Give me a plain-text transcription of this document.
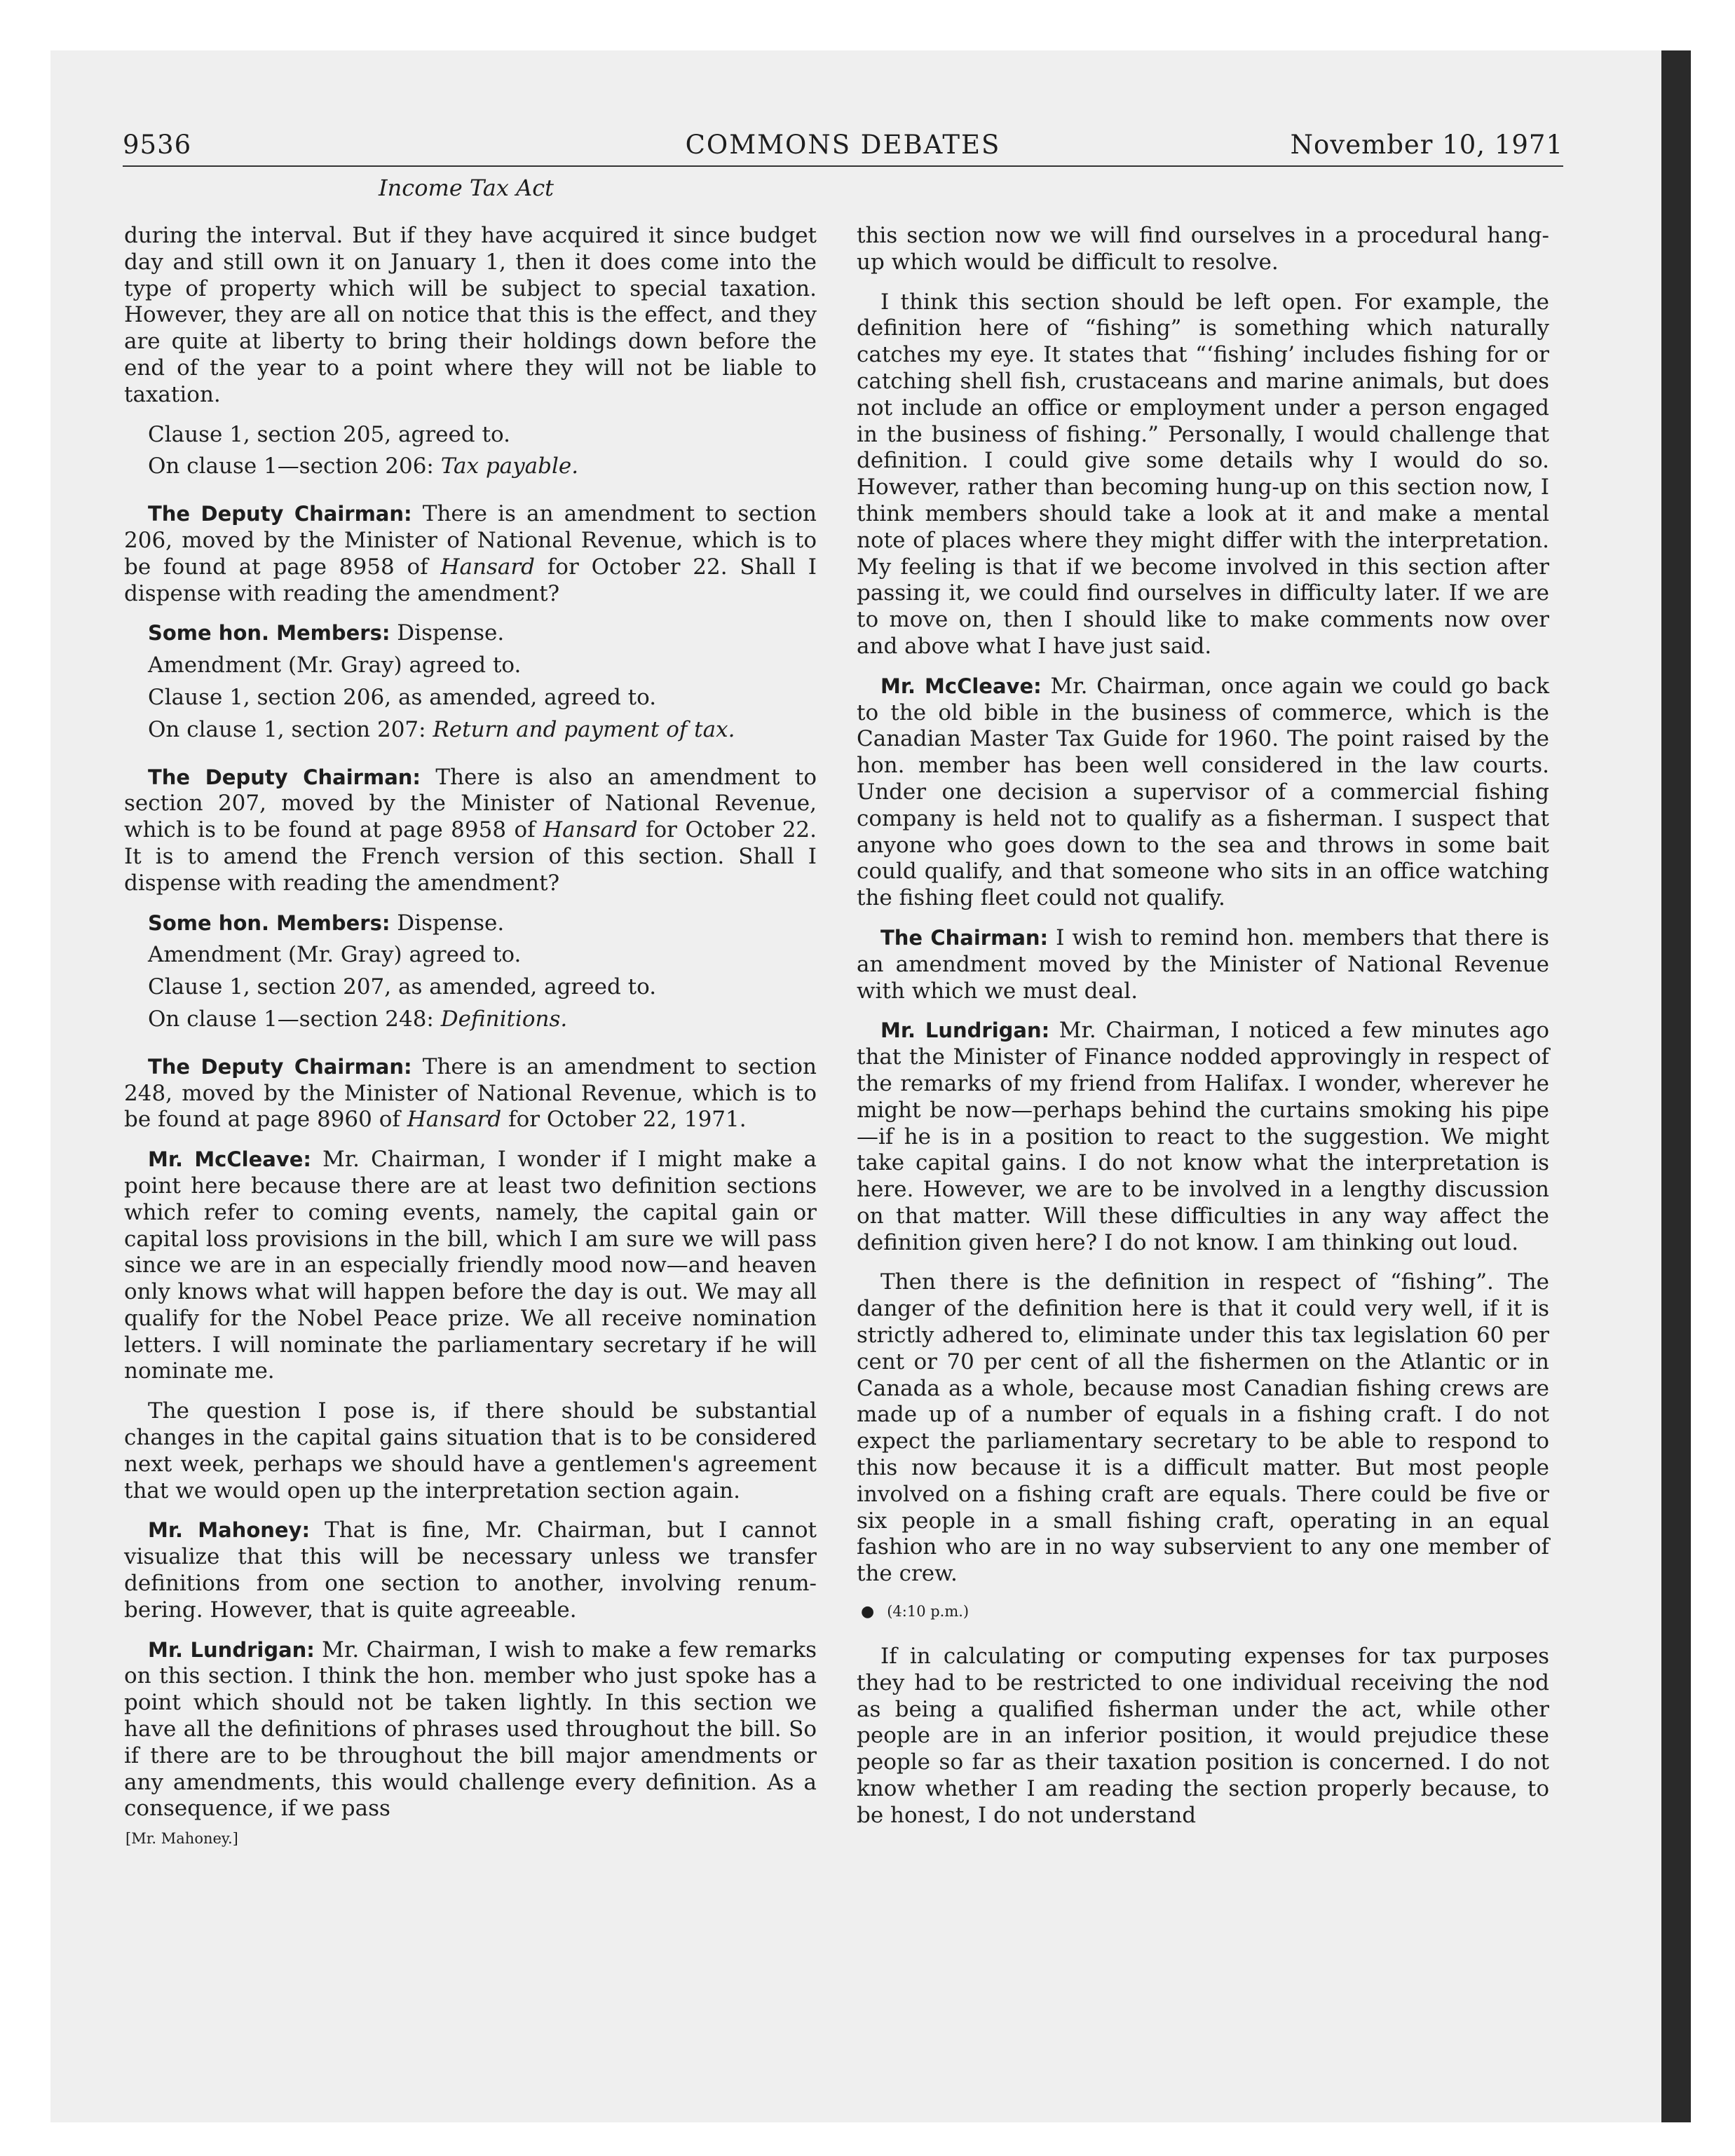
9536	COMMONS DEBATES	November 10, 1971
Income Tax Act

during the interval. But if they have acquired it since budget day and still own it on January 1, then it does come into the type of property which will be subject to special taxation. However, they are all on notice that this is the effect, and they are quite at liberty to bring their holdings down before the end of the year to a point where they will not be liable to taxation.

Clause 1, section 205, agreed to.

On clause 1—section 206: Tax payable.

The Deputy Chairman: There is an amendment to section 206, moved by the Minister of National Revenue, which is to be found at page 8958 of Hansard for October 22. Shall I dispense with reading the amendment?

Some hon. Members: Dispense.

Amendment (Mr. Gray) agreed to.

Clause 1, section 206, as amended, agreed to.

On clause 1, section 207: Return and payment of tax.

The Deputy Chairman: There is also an amendment to section 207, moved by the Minister of National Revenue, which is to be found at page 8958 of Hansard for October 22. It is to amend the French version of this section. Shall I dispense with reading the amendment?

Some hon. Members: Dispense.

Amendment (Mr. Gray) agreed to.

Clause 1, section 207, as amended, agreed to.

On clause 1—section 248: Definitions.

The Deputy Chairman: There is an amendment to section 248, moved by the Minister of National Revenue, which is to be found at page 8960 of Hansard for October 22, 1971.

Mr. McCleave: Mr. Chairman, I wonder if I might make a point here because there are at least two definition sections which refer to coming events, namely, the capital gain or capital loss provisions in the bill, which I am sure we will pass since we are in an especially friendly mood now—and heaven only knows what will happen before the day is out. We may all qualify for the Nobel Peace prize. We all receive nomination letters. I will nominate the parliamentary secretary if he will nominate me.

The question I pose is, if there should be substantial changes in the capital gains situation that is to be considered next week, perhaps we should have a gentlemen's agreement that we would open up the interpretation section again.

Mr. Mahoney: That is fine, Mr. Chairman, but I cannot visualize that this will be necessary unless we transfer definitions from one section to another, involving renumbering. However, that is quite agreeable.

Mr. Lundrigan: Mr. Chairman, I wish to make a few remarks on this section. I think the hon. member who just spoke has a point which should not be taken lightly. In this section we have all the definitions of phrases used throughout the bill. So if there are to be throughout the bill major amendments or any amendments, this would challenge every definition. As a consequence, if we pass

[Mr. Mahoney.]

this section now we will find ourselves in a procedural hang-up which would be difficult to resolve.

I think this section should be left open. For example, the definition here of “fishing” is something which naturally catches my eye. It states that “‘fishing’ includes fishing for or catching shell fish, crustaceans and marine animals, but does not include an office or employment under a person engaged in the business of fishing.” Personally, I would challenge that definition. I could give some details why I would do so. However, rather than becoming hung-up on this section now, I think members should take a look at it and make a mental note of places where they might differ with the interpretation. My feeling is that if we become involved in this section after passing it, we could find ourselves in difficulty later. If we are to move on, then I should like to make comments now over and above what I have just said.

Mr. McCleave: Mr. Chairman, once again we could go back to the old bible in the business of commerce, which is the Canadian Master Tax Guide for 1960. The point raised by the hon. member has been well considered in the law courts. Under one decision a supervisor of a commercial fishing company is held not to qualify as a fisherman. I suspect that anyone who goes down to the sea and throws in some bait could qualify, and that someone who sits in an office watching the fishing fleet could not qualify.

The Chairman: I wish to remind hon. members that there is an amendment moved by the Minister of National Revenue with which we must deal.

Mr. Lundrigan: Mr. Chairman, I noticed a few minutes ago that the Minister of Finance nodded approvingly in respect of the remarks of my friend from Halifax. I wonder, wherever he might be now—perhaps behind the curtains smoking his pipe—if he is in a position to react to the suggestion. We might take capital gains. I do not know what the interpretation is here. However, we are to be involved in a lengthy discussion on that matter. Will these difficulties in any way affect the definition given here? I do not know. I am thinking out loud.

Then there is the definition in respect of “fishing”. The danger of the definition here is that it could very well, if it is strictly adhered to, eliminate under this tax legislation 60 per cent or 70 per cent of all the fishermen on the Atlantic or in Canada as a whole, because most Canadian fishing crews are made up of a number of equals in a fishing craft. I do not expect the parliamentary secretary to be able to respond to this now because it is a difficult matter. But most people involved on a fishing craft are equals. There could be five or six people in a small fishing craft, operating in an equal fashion who are in no way subservient to any one member of the crew.

● (4:10 p.m.)

If in calculating or computing expenses for tax purposes they had to be restricted to one individual receiving the nod as being a qualified fisherman under the act, while other people are in an inferior position, it would prejudice these people so far as their taxation position is concerned. I do not know whether I am reading the section properly because, to be honest, I do not understand
